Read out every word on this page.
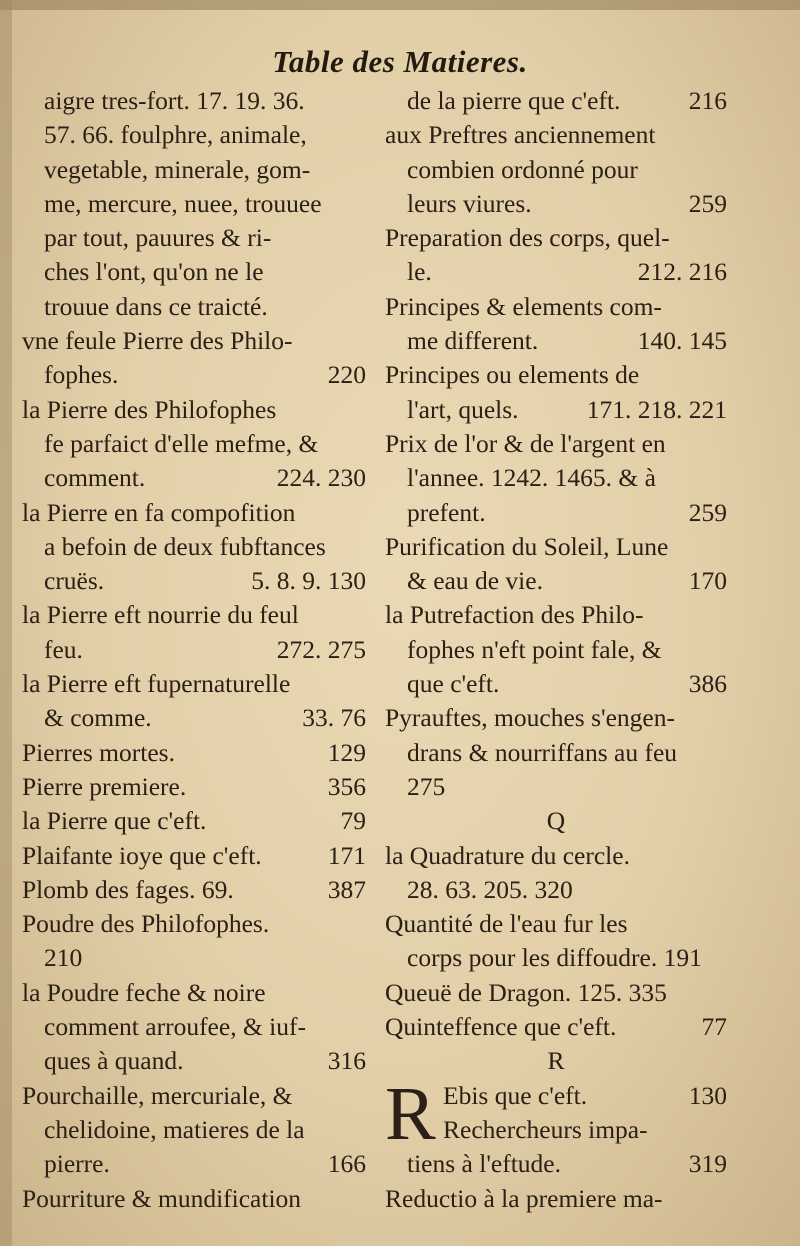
Table des Matieres.
aigre tres-fort. 17. 19. 36.
57. 66. foulphre, animale,
vegetable, minerale, gom-
me, mercure, nuee, trouuee
par tout, pauures & ri-
ches l'ont, qu'on ne le
trouue dans ce traicté.
vne feule Pierre des Philo-
fophes.	220
la Pierre des Philofophes
fe parfaict d'elle mefme, &
comment.	224. 230
la Pierre en fa compofition
a befoin de deux fubftances
cruës.	5. 8. 9. 130
la Pierre eft nourrie du feul
feu.	272. 275
la Pierre eft fupernaturelle
& comme.	33. 76
Pierres mortes.	129
Pierre premiere.	356
la Pierre que c'eft.	79
Plaifante ioye que c'eft.	171
Plomb des fages. 69.	387
Poudre des Philofophes.
210
la Poudre feche & noire
comment arroufee, & iuf-
ques à quand.	316
Pourchaille, mercuriale, &
chelidoine, matieres de la
pierre.	166
Pourriture & mundification
de la pierre que c'eft.	216
aux Preftres anciennement
combien ordonné pour
leurs viures.	259
Preparation des corps, quel-
le.	212. 216
Principes & elements com-
me different.	140. 145
Principes ou elements de
l'art, quels.	171. 218. 221
Prix de l'or & de l'argent en
l'annee. 1242. 1465. & à
prefent.	259
Purification du Soleil, Lune
& eau de vie.	170
la Putrefaction des Philo-
fophes n'eft point fale, &
que c'eft.	386
Pyrauftes, mouches s'engen-
drans & nourriffans au feu
275
Q
la Quadrature du cercle.
28. 63. 205. 320
Quantité de l'eau fur les
corps pour les diffoudre. 191
Queuë de Dragon. 125. 335
Quinteffence que c'eft.	77
R
R Ebis que c'eft.	130
Rechercheurs impa-
tiens à l'eftude.	319
Reductio à la premiere ma-
